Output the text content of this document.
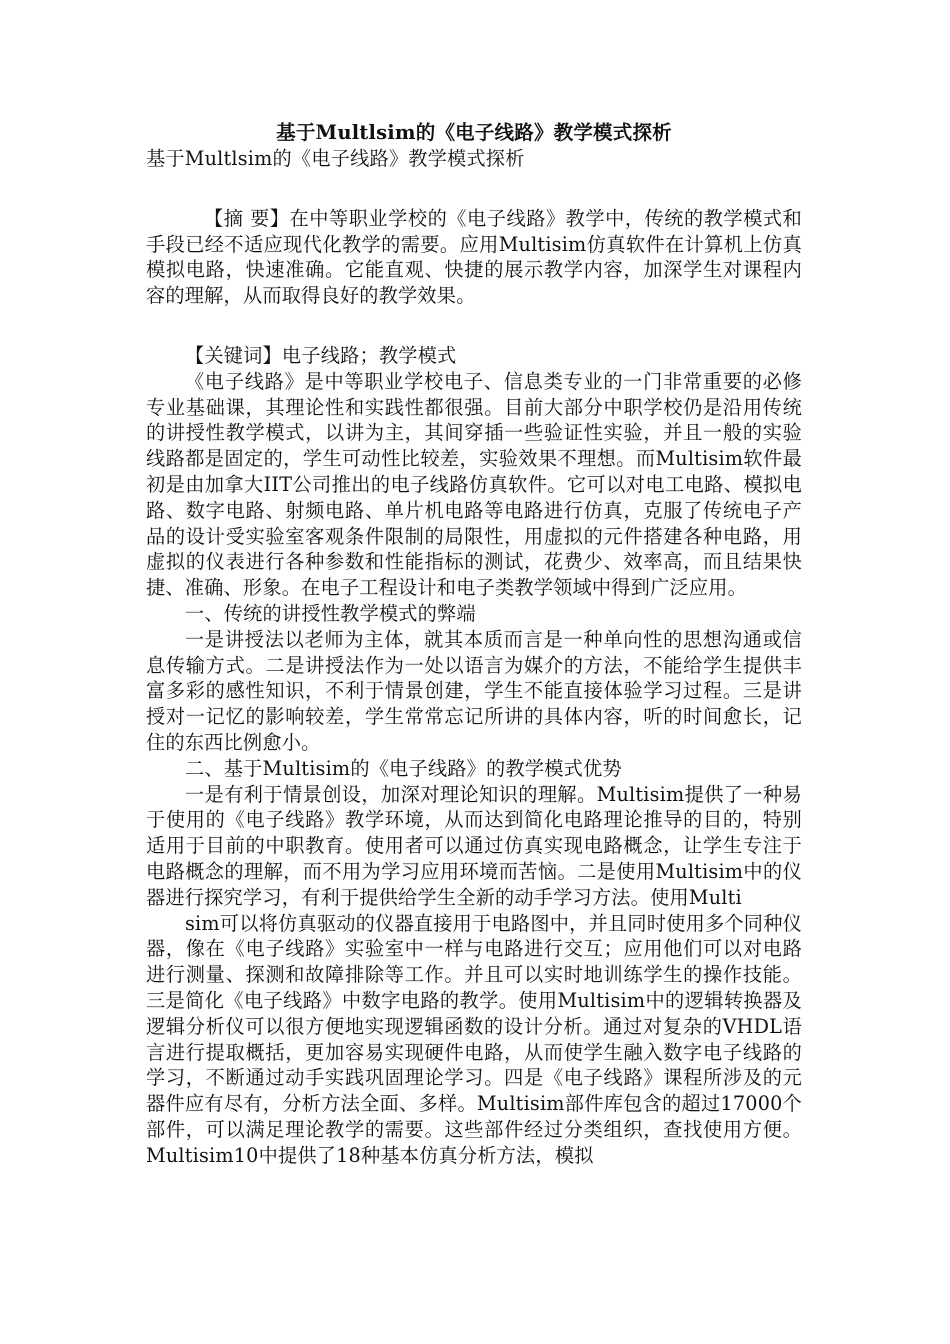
基于Multlsim的《电子线路》教学模式探析

基于Multlsim的《电子线路》教学模式探析

【摘 要】在中等职业学校的《电子线路》教学中，传统的教学模式和手段已经不适应现代化教学的需要。应用Multisim仿真软件在计算机上仿真模拟电路，快速准确。它能直观、快捷的展示教学内容，加深学生对课程内容的理解，从而取得良好的教学效果。

【关键词】电子线路；教学模式

《电子线路》是中等职业学校电子、信息类专业的一门非常重要的必修专业基础课，其理论性和实践性都很强。目前大部分中职学校仍是沿用传统的讲授性教学模式，以讲为主，其间穿插一些验证性实验，并且一般的实验线路都是固定的，学生可动性比较差，实验效果不理想。而Multisim软件最初是由加拿大IIT公司推出的电子线路仿真软件。它可以对电工电路、模拟电路、数字电路、射频电路、单片机电路等电路进行仿真，克服了传统电子产品的设计受实验室客观条件限制的局限性，用虚拟的元件搭建各种电路，用虚拟的仪表进行各种参数和性能指标的测试，花费少、效率高，而且结果快捷、准确、形象。在电子工程设计和电子类教学领域中得到广泛应用。

一、传统的讲授性教学模式的弊端

一是讲授法以老师为主体，就其本质而言是一种单向性的思想沟通或信息传输方式。二是讲授法作为一处以语言为媒介的方法，不能给学生提供丰富多彩的感性知识，不利于情景创建，学生不能直接体验学习过程。三是讲授对一记忆的影响较差，学生常常忘记所讲的具体内容，听的时间愈长，记住的东西比例愈小。

二、基于Multisim的《电子线路》的教学模式优势

一是有利于情景创设，加深对理论知识的理解。Multisim提供了一种易于使用的《电子线路》教学环境，从而达到简化电路理论推导的目的，特别适用于目前的中职教育。使用者可以通过仿真实现电路概念，让学生专注于电路概念的理解，而不用为学习应用环境而苦恼。二是使用Multisim中的仪器进行探究学习，有利于提供给学生全新的动手学习方法。使用Multi

sim可以将仿真驱动的仪器直接用于电路图中，并且同时使用多个同种仪器，像在《电子线路》实验室中一样与电路进行交互；应用他们可以对电路进行测量、探测和故障排除等工作。并且可以实时地训练学生的操作技能。三是简化《电子线路》中数字电路的教学。使用Multisim中的逻辑转换器及逻辑分析仪可以很方便地实现逻辑函数的设计分析。通过对复杂的VHDL语言进行提取概括，更加容易实现硬件电路，从而使学生融入数字电子线路的学习，不断通过动手实践巩固理论学习。四是《电子线路》课程所涉及的元器件应有尽有，分析方法全面、多样。Multisim部件库包含的超过17000个部件，可以满足理论教学的需要。这些部件经过分类组织，查找使用方便。Multisim10中提供了18种基本仿真分析方法，模拟
